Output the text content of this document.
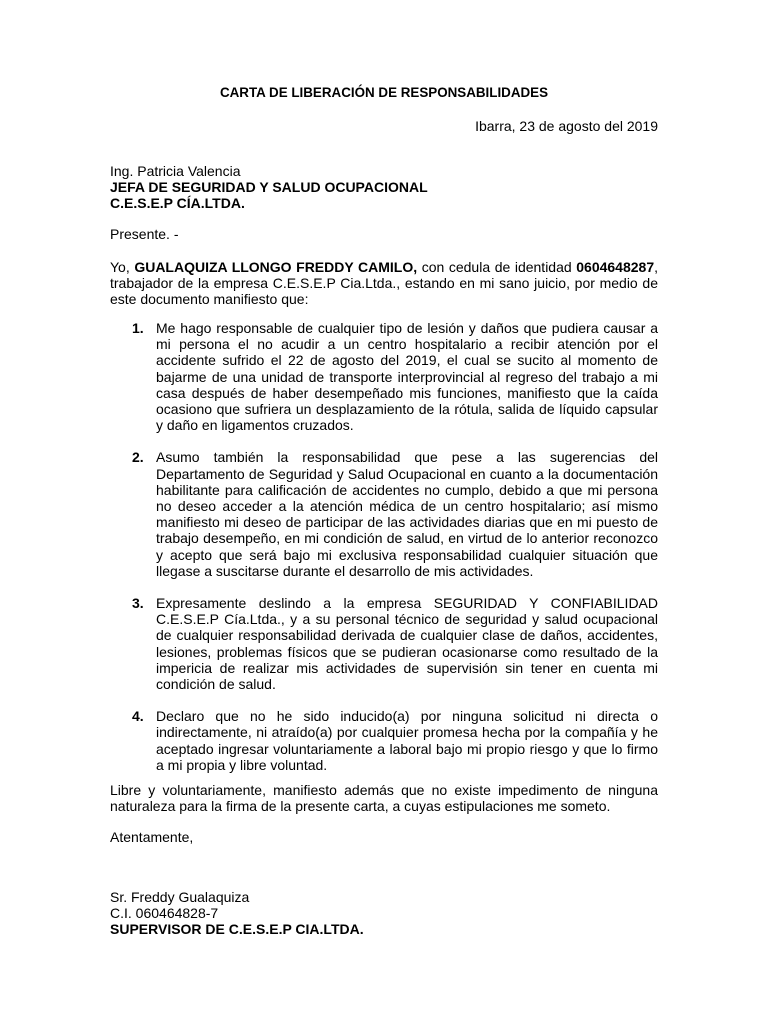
CARTA DE LIBERACIÓN DE RESPONSABILIDADES
Ibarra, 23 de agosto del 2019
Ing. Patricia Valencia
JEFA DE SEGURIDAD Y SALUD OCUPACIONAL
C.E.S.E.P CÍA.LTDA.
Presente. -
Yo, GUALAQUIZA LLONGO FREDDY CAMILO, con cedula de identidad 0604648287, trabajador de la empresa C.E.S.E.P Cia.Ltda., estando en mi sano juicio, por medio de este documento manifiesto que:
1. Me hago responsable de cualquier tipo de lesión y daños que pudiera causar a mi persona el no acudir a un centro hospitalario a recibir atención por el accidente sufrido el 22 de agosto del 2019, el cual se sucito al momento de bajarme de una unidad de transporte interprovincial al regreso del trabajo a mi casa después de haber desempeñado mis funciones, manifiesto que la caída ocasiono que sufriera un desplazamiento de la rótula, salida de líquido capsular y daño en ligamentos cruzados.
2. Asumo también la responsabilidad que pese a las sugerencias del Departamento de Seguridad y Salud Ocupacional en cuanto a la documentación habilitante para calificación de accidentes no cumplo, debido a que mi persona no deseo acceder a la atención médica de un centro hospitalario; así mismo manifiesto mi deseo de participar de las actividades diarias que en mi puesto de trabajo desempeño, en mi condición de salud, en virtud de lo anterior reconozco y acepto que será bajo mi exclusiva responsabilidad cualquier situación que llegase a suscitarse durante el desarrollo de mis actividades.
3. Expresamente deslindo a la empresa SEGURIDAD Y CONFIABILIDAD C.E.S.E.P Cía.Ltda., y a su personal técnico de seguridad y salud ocupacional de cualquier responsabilidad derivada de cualquier clase de daños, accidentes, lesiones, problemas físicos que se pudieran ocasionarse como resultado de la impericia de realizar mis actividades de supervisión sin tener en cuenta mi condición de salud.
4. Declaro que no he sido inducido(a) por ninguna solicitud ni directa o indirectamente, ni atraído(a) por cualquier promesa hecha por la compañía y he aceptado ingresar voluntariamente a laboral bajo mi propio riesgo y que lo firmo a mi propia y libre voluntad.
Libre y voluntariamente, manifiesto además que no existe impedimento de ninguna naturaleza para la firma de la presente carta, a cuyas estipulaciones me someto.
Atentamente,
Sr. Freddy Gualaquiza
C.I. 060464828-7
SUPERVISOR DE C.E.S.E.P CIA.LTDA.
